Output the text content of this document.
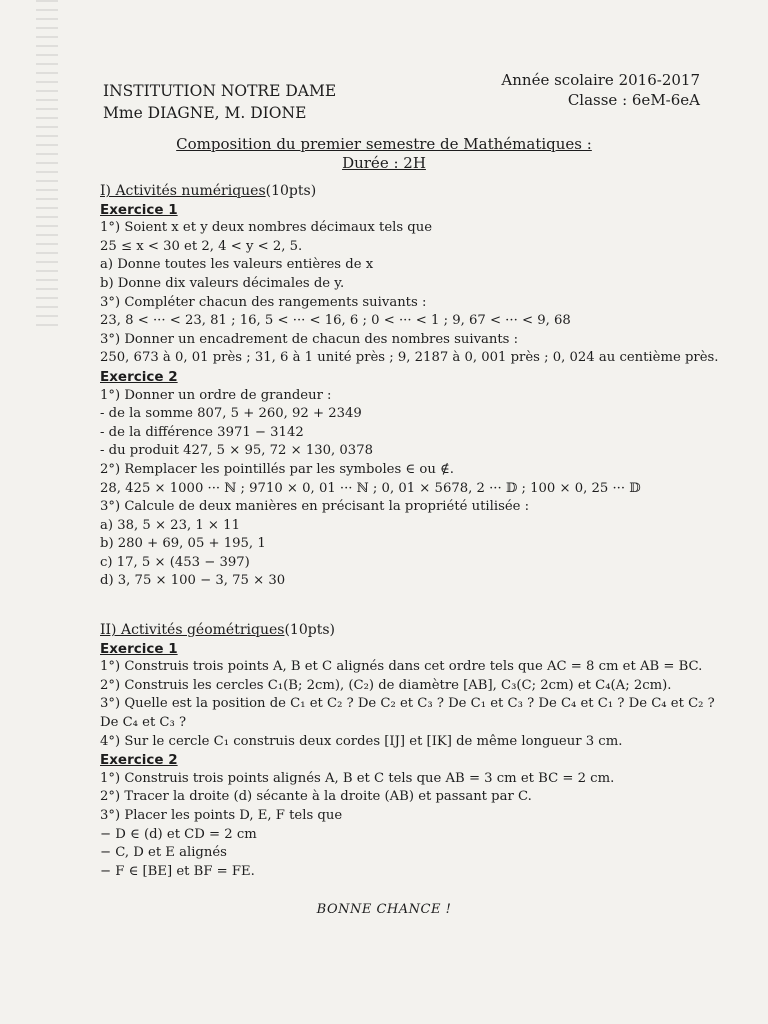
INSTITUTION NOTRE DAME
Mme DIAGNE, M. DIONE
Année scolaire 2016-2017
Classe : 6eM-6eA
Composition du premier semestre de Mathématiques :
Durée : 2H
I) Activités numériques(10pts)
Exercice 1
1°) Soient x et y deux nombres décimaux tels que
25 ≤ x < 30 et 2, 4 < y < 2, 5.
a) Donne toutes les valeurs entières de x
b) Donne dix valeurs décimales de y.
3°) Compléter chacun des rangements suivants :
23, 8 < ··· < 23, 81 ; 16, 5 < ··· < 16, 6 ; 0 < ··· < 1 ; 9, 67 < ··· < 9, 68
3°) Donner un encadrement de chacun des nombres suivants :
250, 673 à 0, 01 près ; 31, 6 à 1 unité près ; 9, 2187 à 0, 001 près ; 0, 024 au centième près.
Exercice 2
1°) Donner un ordre de grandeur :
- de la somme 807, 5 + 260, 92 + 2349
- de la différence 3971 − 3142
- du produit 427, 5 × 95, 72 × 130, 0378
2°) Remplacer les pointillés par les symboles ∈ ou ∉.
28, 425 × 1000 ··· ℕ ; 9710 × 0, 01 ··· ℕ ; 0, 01 × 5678, 2 ··· 𝔻 ; 100 × 0, 25 ··· 𝔻
3°) Calcule de deux manières en précisant la propriété utilisée :
a) 38, 5 × 23, 1 × 11
b) 280 + 69, 05 + 195, 1
c) 17, 5 × (453 − 397)
d) 3, 75 × 100 − 3, 75 × 30
II) Activités géométriques(10pts)
Exercice 1
1°) Construis trois points A, B et C alignés dans cet ordre tels que AC = 8 cm et AB = BC.
2°) Construis les cercles C₁(B; 2cm), (C₂) de diamètre [AB], C₃(C; 2cm) et C₄(A; 2cm).
3°) Quelle est la position de C₁ et C₂ ? De C₂ et C₃ ? De C₁ et C₃ ? De C₄ et C₁ ? De C₄ et C₂ ?
De C₄ et C₃ ?
4°) Sur le cercle C₁ construis deux cordes [IJ] et [IK] de même longueur 3 cm.
Exercice 2
1°) Construis trois points alignés A, B et C tels que AB = 3 cm et BC = 2 cm.
2°) Tracer la droite (d) sécante à la droite (AB) et passant par C.
3°) Placer les points D, E, F tels que
− D ∈ (d) et CD = 2 cm
− C, D et E alignés
− F ∈ [BE] et BF = FE.
BONNE CHANCE !
